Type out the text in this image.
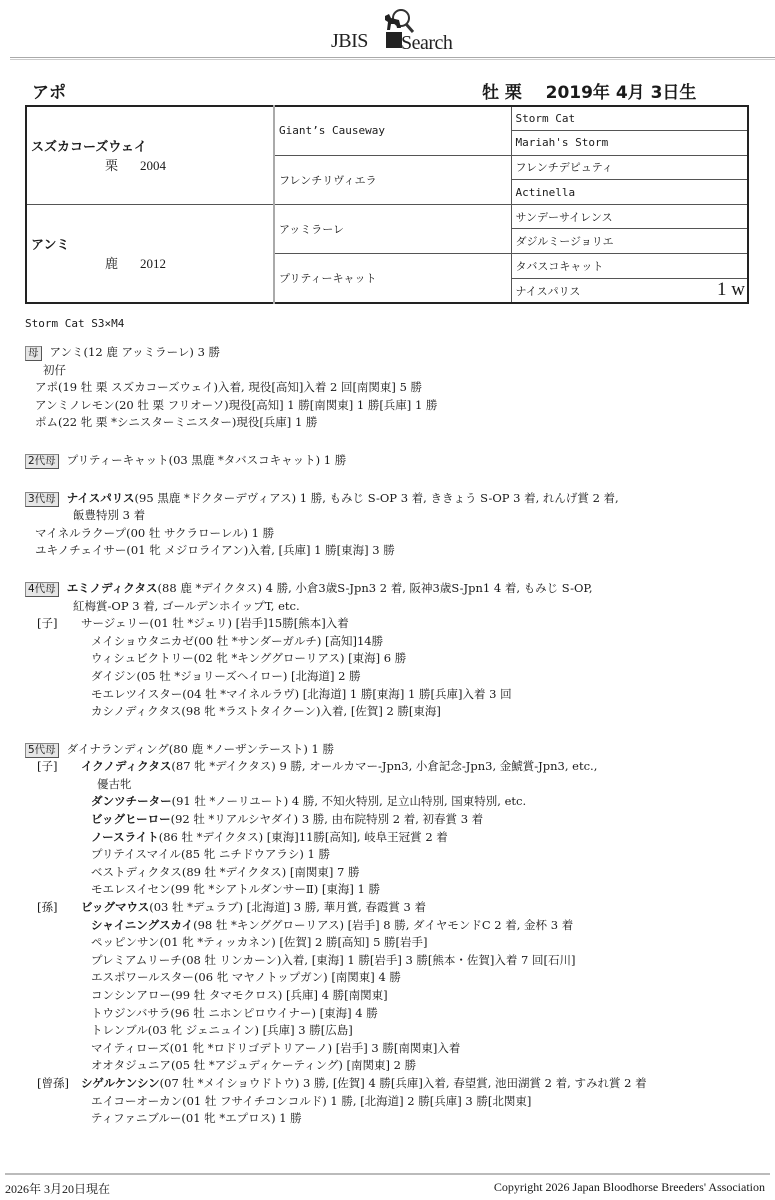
JBIS Search
アポ	牡 栗 2019年 4月 3日生
スズカコーズウェイ
栗 2004	Giant’s Causeway	Storm Cat
		Mariah's Storm
	フレンチリヴィエラ	フレンチデピュティ
		Actinella

アンミ
鹿 2012	アッミラーレ	サンデーサイレンス
		ダジルミージョリエ
	プリティーキャット	タバスコキャット

		ナイスパリス 1 w
Storm Cat S3×M4
母 アンミ(12 鹿 アッミラーレ) 3 勝
初仔
アポ(19 牡 栗 スズカコーズウェイ)入着, 現役[高知]入着 2 回[南関東] 5 勝
アンミノレモン(20 牡 栗 フリオーソ)現役[高知] 1 勝[南関東] 1 勝[兵庫] 1 勝
ポム(22 牝 栗 *シニスターミニスター)現役[兵庫] 1 勝
2代母 プリティーキャット(03 黒鹿 *タバスコキャット) 1 勝
3代母 ナイスパリス(95 黒鹿 *ドクターデヴィアス) 1 勝, もみじ S-OP 3 着, ききょう S-OP 3 着, れんげ賞 2 着,
飯豊特別 3 着
マイネルラクープ(00 牡 サクラローレル) 1 勝
ユキノチェイサー(01 牝 メジロライアン)入着, [兵庫] 1 勝[東海] 3 勝
4代母 エミノディクタス(88 鹿 *デイクタス) 4 勝, 小倉3歳S-Jpn3 2 着, 阪神3歳S-Jpn1 4 着, もみじ S-OP,
紅梅賞-OP 3 着, ゴールデンホイップT, etc.
[子] サージェリー(01 牡 *ジェリ) [岩手]15勝[熊本]入着
メイショウタニカゼ(00 牡 *サンダーガルチ) [高知]14勝
ウィシュビクトリー(02 牝 *キンググローリアス) [東海] 6 勝
ダイジン(05 牡 *ジョリーズヘイロー) [北海道] 2 勝
モエレツイスター(04 牡 *マイネルラヴ) [北海道] 1 勝[東海] 1 勝[兵庫]入着 3 回
カシノディクタス(98 牝 *ラストタイクーン)入着, [佐賀] 2 勝[東海]
5代母 ダイナランディング(80 鹿 *ノーザンテースト) 1 勝
[子] イクノディクタス(87 牝 *デイクタス) 9 勝, オールカマー-Jpn3, 小倉記念-Jpn3, 金鯱賞-Jpn3, etc.,
優古牝
ダンツチーター(91 牡 *ノーリユート) 4 勝, 不知火特別, 足立山特別, 国東特別, etc.
ビッグヒーロー(92 牡 *リアルシヤダイ) 3 勝, 由布院特別 2 着, 初春賞 3 着
ノースライト(86 牡 *デイクタス) [東海]11勝[高知], 岐阜王冠賞 2 着
プリテイスマイル(85 牝 ニチドウアラシ) 1 勝
ベストディクタス(89 牡 *デイクタス) [南関東] 7 勝
モエレスイセン(99 牝 *シアトルダンサーⅡ) [東海] 1 勝
[孫] ビッグマウス(03 牡 *デュラブ) [北海道] 3 勝, 華月賞, 春霞賞 3 着
シャイニングスカイ(98 牡 *キンググローリアス) [岩手] 8 勝, ダイヤモンドC 2 着, 金杯 3 着
ペッピンサン(01 牝 *ティッカネン) [佐賀] 2 勝[高知] 5 勝[岩手]
プレミアムリーチ(08 牡 リンカーン)入着, [東海] 1 勝[岩手] 3 勝[熊本・佐賀]入着 7 回[石川]
エスポワールスター(06 牝 マヤノトップガン) [南関東] 4 勝
コンシンアロー(99 牡 タマモクロス) [兵庫] 4 勝[南関東]
トウジンバサラ(96 牡 ニホンピロウイナー) [東海] 4 勝
トレンブル(03 牝 ジェニュイン) [兵庫] 3 勝[広島]
マイティローズ(01 牝 *ロドリゴデトリアーノ) [岩手] 3 勝[南関東]入着
オオタジュニア(05 牡 *アジュディケーティング) [南関東] 2 勝
[曾孫] シゲルケンシン(07 牡 *メイショウドトウ) 3 勝, [佐賀] 4 勝[兵庫]入着, 春望賞, 池田湖賞 2 着, すみれ賞 2 着
エイコーオーカン(01 牡 フサイチコンコルド) 1 勝, [北海道] 2 勝[兵庫] 3 勝[北関東]
ティファニブルー(01 牝 *エプロス) 1 勝
2026年 3月20日現在	Copyright 2026 Japan Bloodhorse Breeders' Association
